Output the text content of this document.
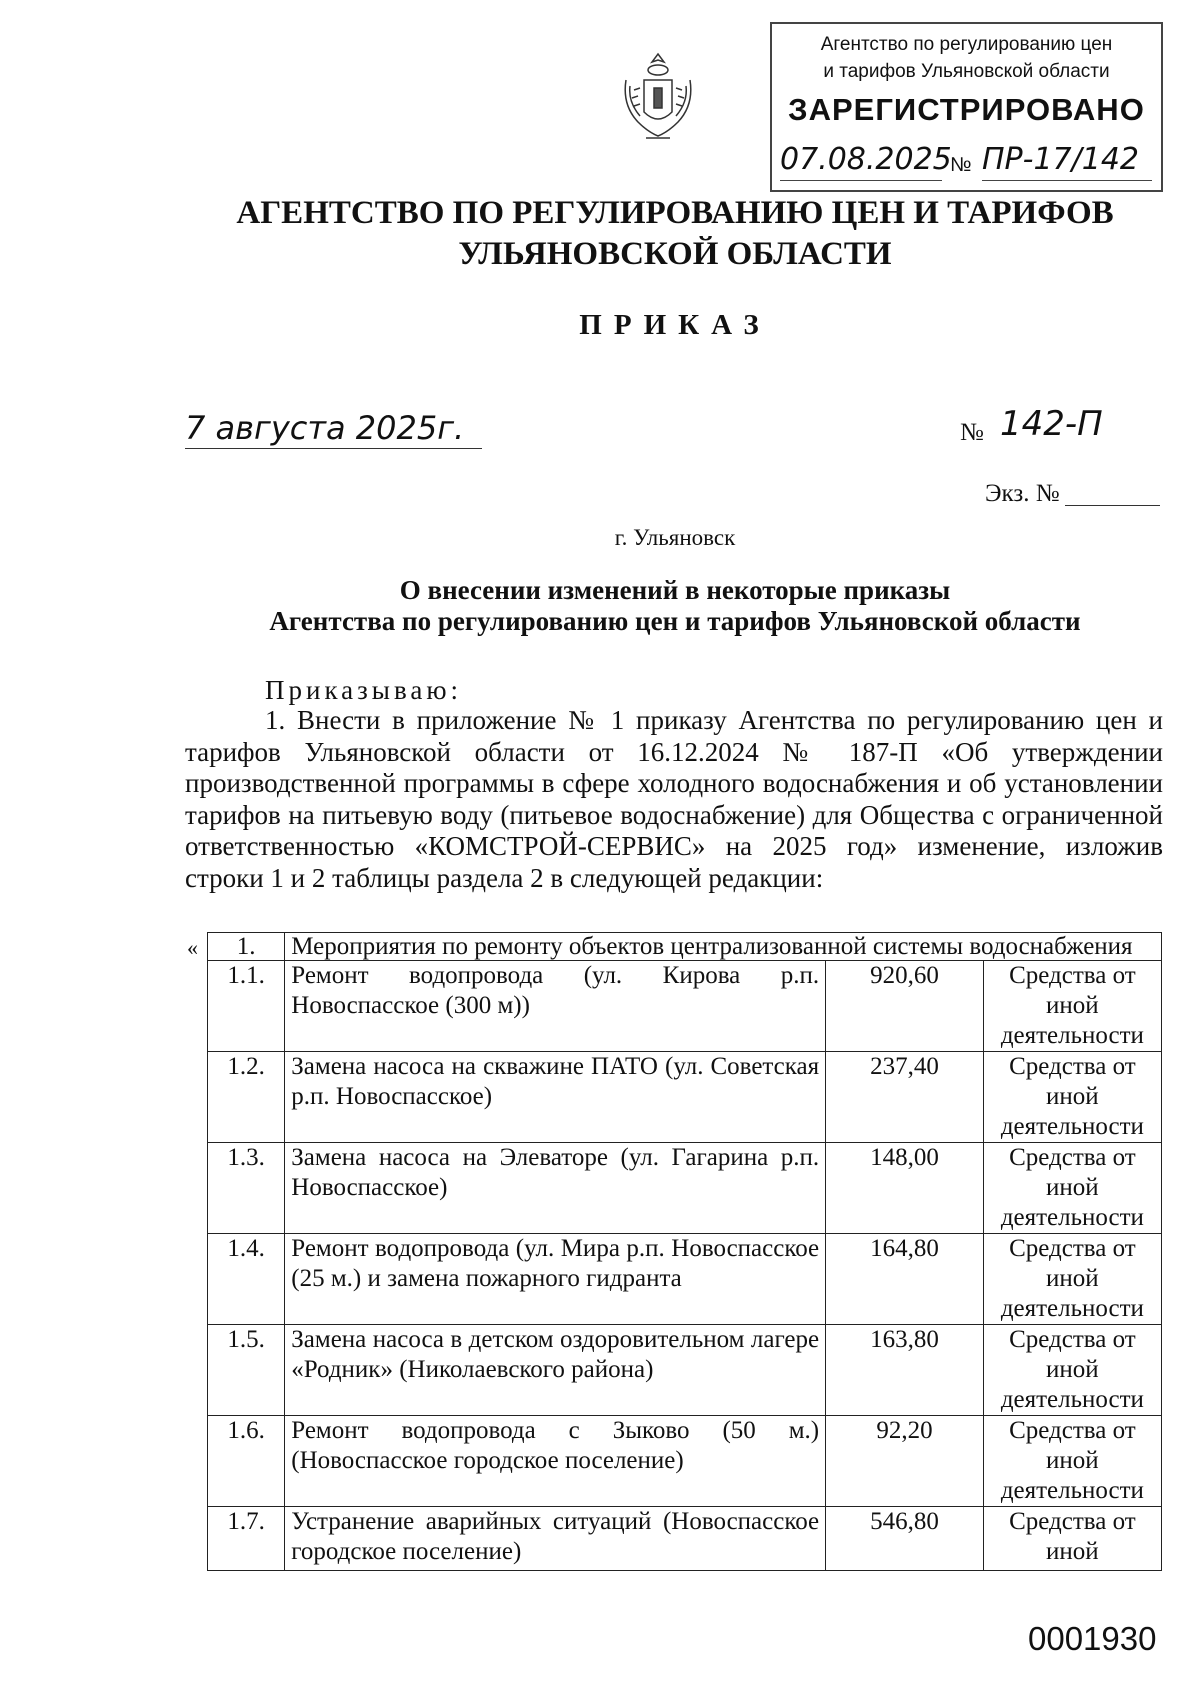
Агентство по регулированию цен
и тарифов Ульяновской области
ЗАРЕГИСТРИРОВАНО
07.08.2025
№ ПР-17/142
АГЕНТСТВО ПО РЕГУЛИРОВАНИЮ ЦЕН И ТАРИФОВ
УЛЬЯНОВСКОЙ ОБЛАСТИ
ПРИКАЗ
7 августа 2025г.	№ 142-П
Экз. №
г. Ульяновск
О внесении изменений в некоторые приказы
Агентства по регулированию цен и тарифов Ульяновской области
Приказываю:
1. Внести в приложение № 1 приказу Агентства по регулированию цен и тарифов Ульяновской области от 16.12.2024 № 187-П «Об утверждении производственной программы в сфере холодного водоснабжения и об установлении тарифов на питьевую воду (питьевое водоснабжение) для Общества с ограниченной ответственностью «КОМСТРОЙ-СЕРВИС» на 2025 год» изменение, изложив строки 1 и 2 таблицы раздела 2 в следующей редакции:
« 1.	Мероприятия по ремонту объектов централизованной системы водоснабжения		
1.1.	Ремонт водопровода (ул. Кирова р.п. Новоспасское (300 м))	920,60	Средства от иной деятельности
1.2.	Замена насоса на скважине ПАТО (ул. Советская р.п. Новоспасское)	237,40	Средства от иной деятельности
1.3.	Замена насоса на Элеваторе (ул. Гагарина р.п. Новоспасское)	148,00	Средства от иной деятельности
1.4.	Ремонт водопровода (ул. Мира р.п. Новоспасское (25 м.) и замена пожарного гидранта	164,80	Средства от иной деятельности
1.5.	Замена насоса в детском оздоровительном лагере «Родник» (Николаевского района)	163,80	Средства от иной деятельности
1.6.	Ремонт водопровода с Зыково (50 м.) (Новоспасское городское поселение)	92,20	Средства от иной деятельности
1.7.	Устранение аварийных ситуаций (Новоспасское городское поселение)	546,80	Средства от иной
0001930
